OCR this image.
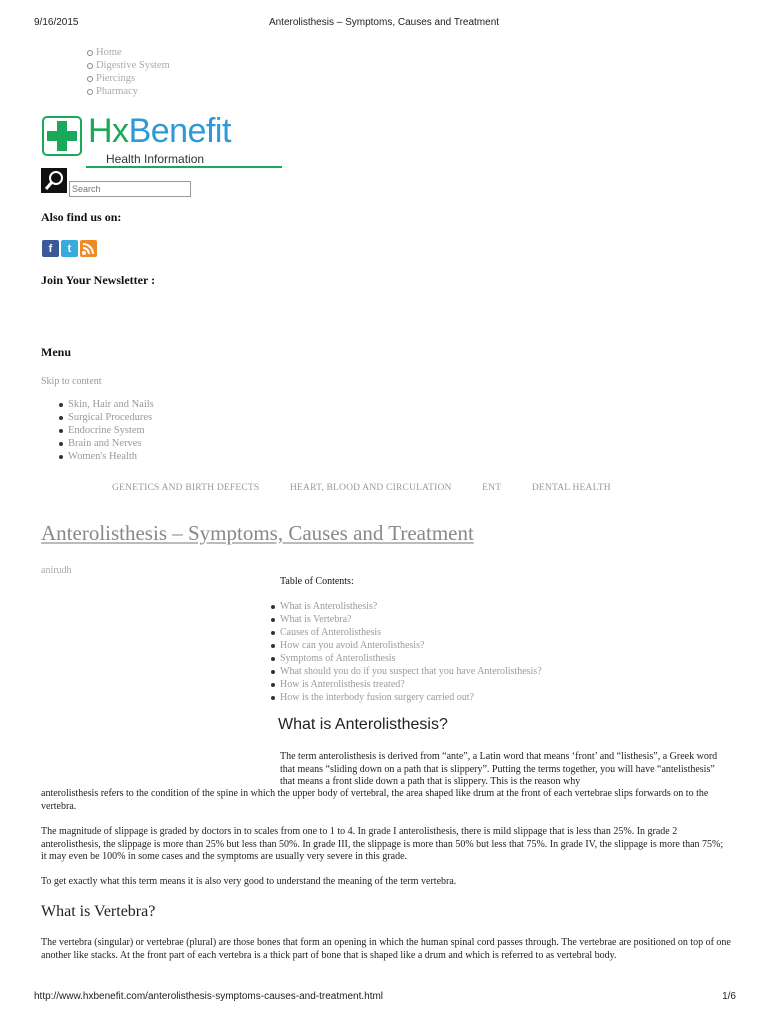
9/16/2015	Anterolisthesis – Symptoms, Causes and Treatment
Home
Digestive System
Piercings
Pharmacy
HxBenefit
Health Information
Search
Also find us on:
f t
Join Your Newsletter :
Menu
Skip to content
Skin, Hair and Nails
Surgical Procedures
Endocrine System
Brain and Nerves
Women's Health
GENETICS AND BIRTH DEFECTS	HEART, BLOOD AND CIRCULATION	ENT	DENTAL HEALTH
Anterolisthesis – Symptoms, Causes and Treatment
anirudh
Table of Contents:
What is Anterolisthesis?
What is Vertebra?
Causes of Anterolisthesis
How can you avoid Anterolisthesis?
Symptoms of Anterolisthesis
What should you do if you suspect that you have Anterolisthesis?
How is Anterolisthesis treated?
How is the interbody fusion surgery carried out?
What is Anterolisthesis?
The term anterolisthesis is derived from “ante”, a Latin word that means ‘front’ and “listhesis”, a Greek word that means “sliding down on a path that is slippery”. Putting the terms together, you will have “antelisthesis” that means a front slide down a path that is slippery. This is the reason why
anterolisthesis refers to the condition of the spine in which the upper body of vertebral, the area shaped like drum at the front of each vertebrae slips forwards on to the vertebra.
The magnitude of slippage is graded by doctors in to scales from one to 1 to 4. In grade I anterolisthesis, there is mild slippage that is less than 25%. In grade 2 anterolisthesis, the slippage is more than 25% but less than 50%. In grade III, the slippage is more than 50% but less that 75%. In grade IV, the slippage is more than 75%; it may even be 100% in some cases and the symptoms are usually very severe in this grade.
To get exactly what this term means it is also very good to understand the meaning of the term vertebra.
What is Vertebra?
The vertebra (singular) or vertebrae (plural) are those bones that form an opening in which the human spinal cord passes through. The vertebrae are positioned on top of one another like stacks. At the front part of each vertebra is a thick part of bone that is shaped like a drum and which is referred to as vertebral body.
http://www.hxbenefit.com/anterolisthesis-symptoms-causes-and-treatment.html	1/6
